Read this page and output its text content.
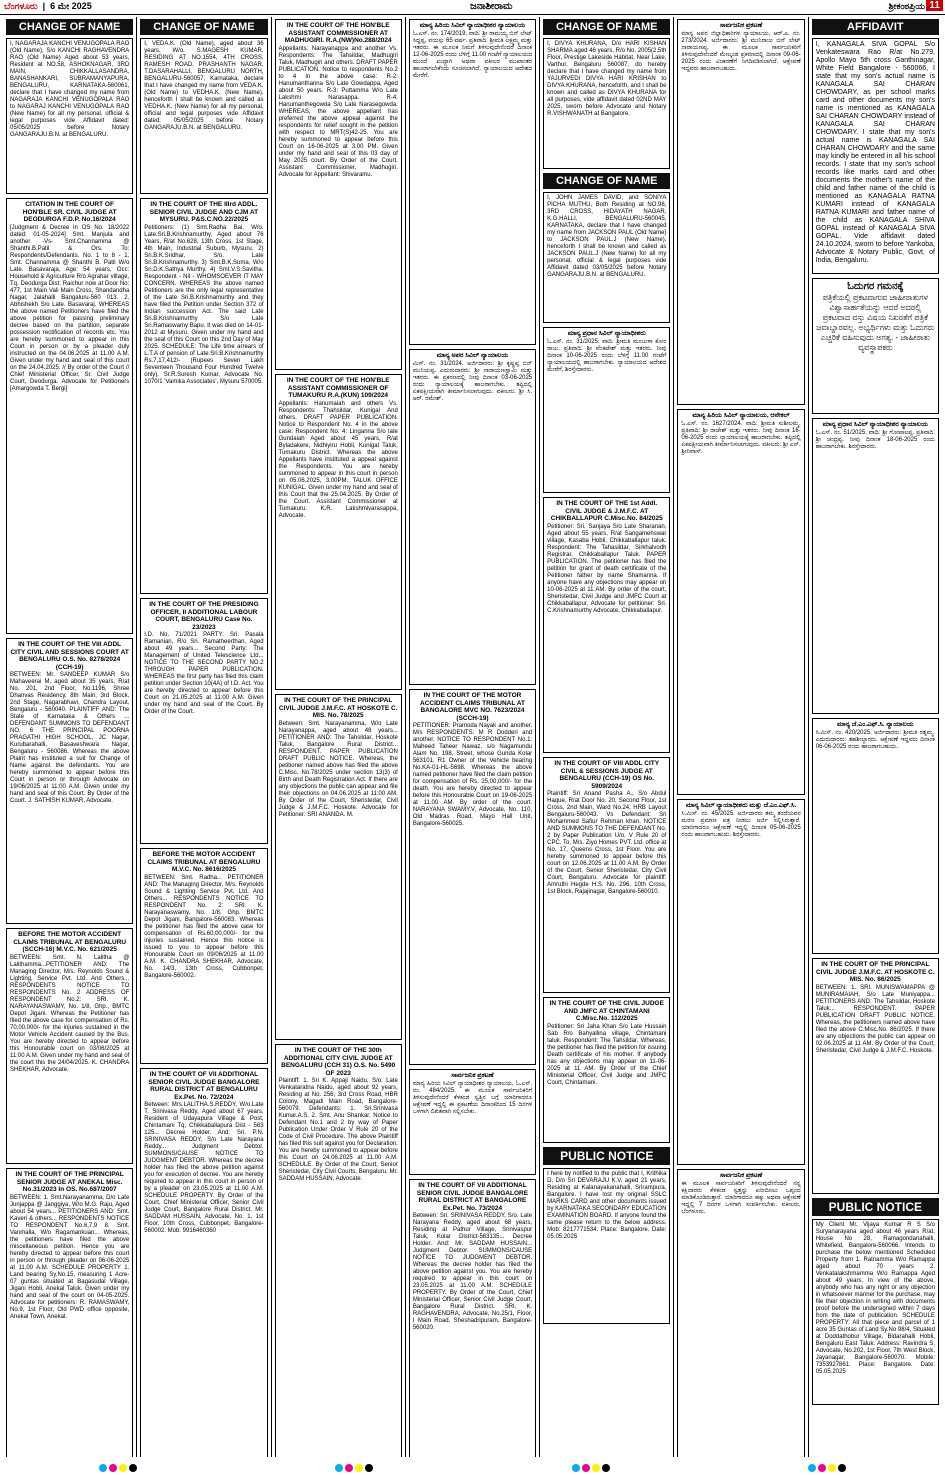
ಬೆಂಗಳೂರು  |  6 ಮೇ 2025	ಜನಾಶೀರಾಮ	ಶ್ರೀಕಂಠಪ್ರಿಯ 11
CHANGE OF NAME

I, NAGARAJA KANCHI VENUGOPALA RAO (Old Name), S/o KANCHI RAGHAVENDRA RAO (Old Name) Aged about 53 years, Resident at NO.58, ASHOKNAGAR, 3RD MAIN, CHIKKALLASANDRA, BANASHANKARI, SUBRAMANYAPURA, BENGALURU, KARNATAKA-560061, declare that I have changed my name from NAGARAJA KANCHI VENUGOPALA RAO to NAGARAJ KANCHI VENUGOPALA RAO (New Name) for all my personal, official & legal purposes vide Affidavit dated: 05/05/2025 before Notary GANGARAJU.B.N. at BENGALURU.

CITATION IN THE COURT OF HON'BLE SR. CIVIL JUDGE AT DEODURGA F.D.P. No.16/2024

[Judgment & Decree in OS No. 18/2022 dated: 01-05-2024] Smt. Manjula and another -Vs- Smt.Channamma @ Shanthi.B.Patil & Ors. To: Respondents/Defendants. No. 1 to 8 - 1. Smt. Channamma @ Shanthi B. Patil W/o Late. Basavaraja, Age: 54 years, Occ: Household & Agriculture R/o Agrahar village, Tq. Deodurga Dist: Raichur now at Door No: 477, 1st Main Vali Main Cross, Shandandha Nagar, Jalahalli Bangaluru-560 013. 2. Abhishekh S/o Late. Basavaraj. WHEREAS the above named Petitioners have filed the above petition for passing preliminary decree based on the partition, separate possession rectification of records etc. You are hereby summoned to appear in this Court in person or by a pleader duly instructed on the 04.06.2025 at 11.00 A.M. Given under my hand and seal of this court on the 24.04.2025. // By order of the Court // Chief Ministerial Officer, Sr. Civil Judge Court, Deodurga. Advocate for Petitioners [Amargowda T. Bergi]

IN THE COURT OF THE VIII ADDL CITY CIVIL AND SESSIONS COURT AT BENGALURU O.S. No. 8278/2024 (CCH-19)

BETWEEN: Mr. SANDEEP KUMAR S/o Mahaveerai M, aged about 35 years, R/at No. 201, 2nd Floor, No.1196, Shree Dhanvas Residency, 8th Main, 3rd Block, 2nd Stage, Nagarabhavi, Chandra Layout, Bengaluru - 560040. PLAINTIFF AND: The State of Karnataka & Others ... DEFENDANT SUMMONS TO DEFENDANT NO. 6 THE PRINCIPAL POORNA PRAGATHI HIGH SCHOOL, JC Nagar, Kurubarahalli, Basaveshwara Nagar, Bengaluru - 560086. Whereas the above Plaint has instituted a suit for Change of Name against the defendants. You are hereby summoned to appear before this Court in person or through Advocate on 19/06/2025 at 11:00 A.M. Given under my hand and seal of this Court. By Order of the Court. J. SATHISH KUMAR, Advocate.

BEFORE THE MOTOR ACCIDENT CLAIMS TRIBUNAL AT BENGALURU (SCCH-16) M.V.C. No. 621/2025

BETWEEN: Smt. N. Lalitha @ Lalithamma...PETITIONER AND: The Managing Director, M/s. Reynolds Sound & Lighting, Service Pvt. Ltd. And Others... RESPONDENTS NOTICE TO RESPONDENTS No. 2 ADDRESS OF RESPONDENT No.2: SRI. K. NARAYANASWAMY, No. 1/8, Ghp., BMTC Depot Jigani. Whereas the Petitioner has filed the above case for compensation of Rs. 70,00,000/- for the injuries sustained in the Motor Vehicle Accident caused by the Bus. You are hereby directed to appear before this Honourable court on 03/06/2025 at 11:00 A.M. Given under my hand and seal of the court this the 24/04/2025. K. CHANDRA SHEKHAR, Advocate.

IN THE COURT OF THE PRINCIPAL SENIOR JUDGE AT ANEKAL Misc. No.31/2023 In OS. No.687/2007

BETWEEN: 1. Smt.Narayanamma, D/o Late Junjappa @ Janggiya, W/o M.G. Raju, Aged about 54 years... PETITIONERS AND: Smt. Kaveri & others... RESPONDENTS NOTICE TO RESPONDENT No.6,7,9 8. Smt. Vanmalla, W/o Ragamankuan... Whereas, the petitioners have filed the above miscellaneous petition. Hence you are hereby directed to appear before this court in person or through pleader on 06-06-2025 at 11.00 A.M. SCHEDULE PROPERTY 1. Land bearing Sy.No.15, measuring 1 Acre-07 guntas situated at Bagasudal Village, Jigani Hobli, Anekal Taluk. Given under my hand and seal of the court on 04-05-2025. Advocate for petitioners: R. RAMASWAMY, No.9, 1st Floor, Old PWD office opposite, Anekal Town, Anekal.

CHANGE OF NAME

I, VEDA.K. (Old Name), aged about 36 years, W/o. S.MAGESH KUMAR, RESIDING AT NO.1554, 4TH CROSS, RAMESH ROAD, PRASHANTH NAGAR, T.DASARAHALLI, BENGALURU NORTH, BENGALURU-560057, Karnataka, declare that I have changed my name from VEDA.K. (Old Name) to VEDHA.K. (New Name), henceforth I shall be known and called as VEDHA.K. (New Name) for all my personal, official and legal purposes vide Affidavit dated: 05/05/2025 before Notary GANGARAJU.B.N. at BENGALURU.

IN THE COURT OF THE IIIrd ADDL. SENIOR CIVIL JUDGE AND CJM AT MYSURU. P&S.C.NO.22/2025

Petitioners: (1) Smt.Radha Bai, W/o. Late.Sri.B.Krishnamurthy, Aged about 76 Years, R/at No.628, 13th Cross, 1st Stage, 4th Main, Industrial Suburb, Mysuru. 2) Sri.B.K.Sridhar, S/o. Late Sri.B.Krishnamurthy. 3) Smt.B.K.Suma, W/o Sri.D.K.Sathya Murthy. 4) Smt.V.S.Savitha. Respondent - Nil - WHOMSOEVER IT MAY CONCERN. WHEREAS the above named Petitioners are the only legal representative of the Late Sri.B.Krishnamurthy and they have filed the Petition under Section 372 of Indian succession Act. The said Late Sri.B.Krishnamurthy S/o Late Sri.Ramaswamy Bapu. It was died on 14-01-2012 at Mysuru. Given under my hand and the seal of this Court on this 2nd Day of May 2025. SCHEDULE: The Life time arrears of L.T.A of pension of Late.Sri.B.Krishnamurthy Rs.7,17,412/- (Rupees Seven Lakh Seventeen Thousand Four Hundred Twelve only). Sr.R.Suresh Kumar, Advocate No. 1070/1 'Vamika Associates', Mysuru 570005.

IN THE COURT OF THE PRESIDING OFFICER, II ADDITIONAL LABOUR COURT, BENGALURU Case No. 23/2023

I.D. No. 71/2021 PARTY: Sri. Pasala Ramanian, R/o Sri. Ramatheerthan, Aged about 49 years... Second Party: The Management of United Telescience Ltd... NOTICE TO THE SECOND PARTY NO.2 THROUGH PAPER PUBLICATION. WHEREAS the first party has filed this claim petition under Section 10(4A) of I.D. Act. You are hereby directed to appear before this Court on 21.05.2025 at 11:00 A.M. Given under my hand and seal of the Court. By Order of the Court.

BEFORE THE MOTOR ACCIDENT CLAIMS TRIBUNAL AT BENGALURU M.V.C. No. 8616/2025

BETWEEN: Smt. Radha... PETITIONER AND: The Managing Director, M/s. Reynolds Sound & Lighting Service Pvt. Ltd. And Others... RESPONDENTS NOTICE TO RESPONDENT No. 2: SRI. K. Narayanaswamy, No. 1/8, Ghp. BMTC Depot Jigani, Bangalore-560083. Whereas the petitioner has filed the above case for compensation of Rs.60,00,000/- for the injuries sustained. Hence this notice is issued to you to appear before this Honourable Court on 09/06/2025 at 11.00 A.M. K. CHANDRA SHEKHAR, Advocate, No. 14/3, 13th Cross, Cubbonpet, Bangalore-560002.

IN THE COURT OF VII ADDITIONAL SENIOR CIVIL JUDGE BANGALORE RURAL DISTRICT AT BENGALURU Ex.Pet. No. 72/2024

Between: Mrs.LALITHA.S.REDDY, W/o.Late T. Srinivasa Reddy, Aged about 67 years, Resident of Udayapura Village & Post, Chintamani Tq, Chikkaballapura Dist - 563 125... Decree Holder. And: Sri. P.N. SRINIVASA REDDY, S/o Late Narayana Reddy... Judgment Debtor. SUMMONS/CAUSE NOTICE TO JUDGMENT DEBTOR. Whereas the decree holder has filed the above petition against you for execution of decree. You are hereby required to appear in this court in person or by a pleader on 23.05.2025 at 11.00 A.M. SCHEDULE PROPERTY. By Order of the Court, Chief Ministerial Officer, Senior Civil Judge Court, Bangalore Rural District. Mr. SADDAM HUSSAIN, Advocate, No. 1, 1st Floor, 10th Cross, Cubbonpet, Bangalore-560002. Mob: 9916460360

IN THE COURT OF THE HON'BLE ASSISTANT COMMISSIONER AT MADHUGIRI. R.A.(NW)No.288/2024

Appellants: Narayanappa and another Vs. Respondents: The Tahsildar, Madhugiri Taluk, Madhugiri and others. DRAFT PAPER PUBLICATION. Notice to respondents No.2 to 4 in the above case: R-2: Hanumanthanna S/o Late Gowdappa, Aged about 50 years. R-3: Puttamma W/o Late Lakshmi Narasappa. R-4: Hanumanthegowda S/o Late Narasegowda. WHEREAS, the above appellant has preferred the above appeal against the respondents for relief sought in the petition with respect to MRT(S)42-25. You are hereby summoned to appear before this Court on 16-06-2025 at 3.00 PM. Given under my hand and seal of this 03 day of May 2025 court. By Order of the Court. Assistant Commissioner, Madhugiri. Advocate for Appellant: Shivaramu.

IN THE COURT OF THE HON'BLE ASSISTANT COMMISSIONER OF TUMAKURU R.A.(KUN) 109/2024

Appellants: Hanumaiah and others Vs. Respondents: Thahsildar, Kunigal And others. DRAFT PAPER PUBLICATION. Notice to Respondent No. 4 in the above case: Respondent No. 4: Linganna S/o late Gundaiah Aged about 45 years, R/at Byladakere, Nidhiyiru Hobli, Kunigal Taluk, Tumakuru District. Whereas the above Appellants have instituted a appeal against the Respondents. You are hereby summoned to appear in this court in person on 05.06.2025, 3.00PM. TALUK OFFICE KUNIGAL. Given under my hand and seal of this Court that the 25.04.2025. By Order of the Court. Assistant Commissioner at Tumakuru. K.R. Lakshmivarasappa, Advocate.

IN THE COURT OF THE PRINCIPAL CIVIL JUDGE J.M.F.C. AT HOSKOTE C. MIS. No. 78/2025

Between: Smt. Narayanamma, W/o Late Narayanappa, aged about 48 years... PETITIONER AND: The Tahsildar, Hoskote Taluk, Bangalore Rural District... RESPONDENT. PAPER PUBLICATION DRAFT PUBLIC NOTICE. Whereas, the petitioner named above has filed the above C.Misc. No.78/2025 under section 13(3) of Birth and Death Registration Act. If there are any objections the public can appear and file their objections on 04.06.2025 at 11:00 AM. By Order of the Court, Sheristedar, Civil Judge & J.M.F.C. Hoskote. Advocate for Petitioner: SRI ANANDA. M.

IN THE COURT OF THE 30th ADDITIONAL CITY CIVIL JUDGE AT BENGALURU (CCH 31) O.S. No. 5490 OF 2023

Plaintiff: 1. Sri K. Appaji Naidu, S/o. Late Venkataratna Naidu, aged about 92 years, Residing at No. 256, 3rd Cross Road, HBR Colony, Magadi Main Road, Bangalore-560079. Defendants: 1. Sri.Srinivasa Kumar.A.S. 2. Smt. Anu Shankar. Notice to Defendant No.1 and 2 by way of Paper Publication Under Order V Rule 20 of the Code of Civil Procedure. The above Plaintiff has filed this suit against you for Declaration. You are hereby summoned to appear before this Court on 24.06.2025 at 11.00 A.M. SCHEDULE. By Order of the Court, Senior Sheristedar, City Civil Courts, Bengaluru. Mr. SADDAM HUSSAIN, Advocate.

ಮಾನ್ಯ ಹಿರಿಯ ಸಿವಿಲ್ ನ್ಯಾಯಾಧೀಶರ ನ್ಯಾಯಾಲಯ

ಓ.ಎಸ್. ನಂ. 174/2019. ವಾದಿ: ಶ್ರೀ ರಾಮಯ್ಯ ಬಿನ್ ಲೇಟ್ ಸಿದ್ದಪ್ಪ, ವಯಸ್ಸು 65 ವರ್ಷ. ಪ್ರತಿವಾದಿ: ಶ್ರೀಮತಿ ಲಕ್ಷ್ಮಮ್ಮ ಮತ್ತು ಇತರರು. ಈ ಮೂಲಕ ನಿಮಗೆ ತಿಳಿಸುವುದೇನೆಂದರೆ ದಿನಾಂಕ 12-06-2025 ರಂದು ಬೆಳಿಗ್ಗೆ 11.00 ಗಂಟೆಗೆ ನ್ಯಾಯಾಲಯದ ಮುಂದೆ ಖುದ್ದಾಗಿ ಅಥವಾ ವಕೀಲರ ಮುಖಾಂತರ ಹಾಜರಾಗಬೇಕೆಂದು ಸೂಚಿಸಲಾಗಿದೆ. ನ್ಯಾಯಾಲಯದ ಆದೇಶದ ಮೇರೆಗೆ.

ಮಾನ್ಯ ಅಪರ ಸಿವಿಲ್ ನ್ಯಾಯಾಲಯ

ಮಿಸ್. ನಂ. 31/2024. ಅರ್ಜಿದಾರರು: ಶ್ರೀ ಕೃಷ್ಣಪ್ಪ ಬಿನ್ ಮುನಿಯಪ್ಪ. ಎದುರುದಾರರು: ಶ್ರೀ ನಾರಾಯಣಸ್ವಾಮಿ ಮತ್ತು ಇತರರು. ಈ ಪ್ರಕರಣದಲ್ಲಿ ನೀವು ದಿನಾಂಕ 03-06-2025 ರಂದು ನ್ಯಾಯಾಲಯಕ್ಕೆ ಹಾಜರಾಗಬೇಕು. ತಪ್ಪಿದಲ್ಲಿ ಏಕಪಕ್ಷೀಯವಾಗಿ ತೀರ್ಮಾನಿಸಲಾಗುವುದು. ವಕೀಲರು: ಶ್ರೀ ಸಿ. ಆರ್. ರಮೇಶ್.

IN THE COURT OF THE MOTOR ACCIDENT CLAIMS TRIBUNAL AT BANGALORE MVC NO. 7623/2024 (SCCH-19)

PETITIONER: Pramoda Nayak and another. M/s RESPONDENTS: M R Dodderi and another. NOTICE TO RESPONDENT No.1: Maheed Taheer Nawaz, s/o Nagamundu Alam No. 198, Street, whose Gunda Kolar 563101. R1 Owner of the Vehicle bearing No.KA-01-HL-5698. Whereas the above named petitioner have filed the claim petition for compensation of Rs. 25,00,000/- for the death. You are hereby directed to appear before this Honourable Court on 19-06-2025 at 11.00 AM. By order of the court. NARAYANA SWAMY.V, Advocate, No. 110, Old Madras Road, Mayo Hall Unit, Bangalore-560025.

ಸಾರ್ವಜನಿಕ ಪ್ರಕಟಣೆ

ಮಾನ್ಯ ಹಿರಿಯ ಸಿವಿಲ್ ನ್ಯಾಯಾಧೀಶರ ನ್ಯಾಯಾಲಯ, ಓ.ಎಸ್. ನಂ. 484/2025. ಈ ಮೂಲಕ ಸಾರ್ವಜನಿಕರಿಗೆ ತಿಳಿಸುವುದೇನೆಂದರೆ ಕೆಳಕಂಡ ಸ್ವತ್ತಿನ ಬಗ್ಗೆ ಯಾರಿಗಾದರೂ ಆಕ್ಷೇಪಣೆ ಇದ್ದಲ್ಲಿ ಈ ಪ್ರಕಟಣೆಯ ದಿನಾಂಕದಿಂದ 15 ದಿನಗಳ ಒಳಗಾಗಿ ಲಿಖಿತವಾಗಿ ಸಲ್ಲಿಸಬೇಕು.

IN THE COURT OF VII ADDITIONAL SENIOR CIVIL JUDGE BANGALORE RURAL DISTRICT AT BANGALORE Ex.Pet. No. 73/2024

Between: Sri. SRINIVASA REDDY, S/o. Late Narayana Reddy, aged about 68 years, Residing at Pathur Village, Srinivaspur Taluk, Kolar District-563135... Decree Holder. And: Mr. SADDAM HUSSAIN... Judgment Debtor. SUMMONS/CAUSE NOTICE TO JUDGMENT DEBTOR. Whereas the decree holder has filed the above petition against you. You are hereby required to appear in this court on 23.05.2025 at 11.00 A.M. SCHEDULE PROPERTY. By Order of the Court, Chief Ministerial Officer, Senior Civil Judge Court, Bangalore Rural District. SRI. K. RAGHAVENDRA, Advocate, No.25/1, Floor, I Main Road, Sheshadripuram, Bangalore-560020.

CHANGE OF NAME

I, DIVYA KHURANA, D/o HARI KISHAN SHARMA aged 46 years, R/o No. 2005(2,5th Floor, Prestige Lakeside Habitat, Near Lake, Varthur, Bengaluru 560087, do hereby declare that I have changed my name from YAJURVEDI DIVYA HARI KRISHAN to DIVYA KHURANA, henceforth, and I shall be known and called as DIVYA KHURANA for all purposes, vide affidavit dated 02ND MAY 2025, sworn before Advocate and Notary R.VISHWANATH at Bangalore.

CHANGE OF NAME

I, JOHN JAMES DAVID, and SONIYA PICHA MUTHU, Both Residing at NO.98, 3RD CROSS, HIDAYATH NAGAR, K.G.HALLI, BENGALURU-560045, KARNATAKA, declare that I have changed my name from JACKSON PAUL (Old Name) to JACKSON PAUL.J (New Name), henceforth I shall be known and called as JACKSON PAUL.J (New Name) for all my personal, official & legal purposes vide Affidavit dated 03/05/2025 before Notary GANGARAJU.B.N. at BENGALURU.

ಮಾನ್ಯ ಪ್ರಧಾನ ಸಿವಿಲ್ ನ್ಯಾಯಾಧೀಶರು

ಓ.ಎಸ್. ನಂ. 31/2025. ವಾದಿ: ಶ್ರೀಮತಿ ಮಂಜುಳಾ ಕೋಂ ರಾಜು. ಪ್ರತಿವಾದಿ: ಶ್ರೀ ವೆಂಕಟೇಶ್ ಮತ್ತು ಇತರರು. ನೀವು ದಿನಾಂಕ 10-06-2025 ರಂದು ಬೆಳಿಗ್ಗೆ 11.00 ಗಂಟೆಗೆ ನ್ಯಾಯಾಲಯದಲ್ಲಿ ಹಾಜರಾಗಬೇಕು. ನ್ಯಾಯಾಲಯದ ಆದೇಶದ ಮೇರೆಗೆ, ಶಿರಸ್ತೇದಾರರು.

IN THE COURT OF THE 1st Addl. CIVIL JUDGE & J.M.F.C. AT CHIKBALLAPUR C.Misc.No. 84/2025

Petitioner: Sri. Sanjaya S/o Late Sharanan, Aged about 55 years, R/at Sangamehswar village, Kasaba Hobli, Chikkaballapur taluk. Respondent: The Tahasildar, Sirkhalvodh Registrar, Chikkaballapur Taluk. PAPER PUBLICATION. The petitioner has filed the petition for grant of death certificate of the Petitioner father by name Shamanna. If anyone have any objections may appear on 10-06-2025 at 11 AM. By order of the court, Sheristedar, Civil Judge and JMFC Court at Chikkaballapur. Advocate for petitioner: Sri. C.Krishnamurthy Advocate, Chikkaballapur.

IN THE COURT OF VIII ADDL CITY CIVIL & SESSIONS JUDGE AT BENGALURU (CCH-19) OS No. 5909/2024

Plaintiff: Sri Anand Pasha A., S/o Abdul Haque, R/at Door No. 20, Second Floor, 1st Cross, 2nd Main, Ward No.24, HRB Layout Bengaluru-560043. Vs Defendant: Sri Mohammed Safiur Rehman khan. NOTICE AND SUMMONS TO THE DEFENDANT No. 2 by Paper Publication U/o. V Rule 20 of CPC. To, M/s. Ziyo Homes PVT. Ltd. office at No. 17, Queens Cross, 1st Floor. You are hereby summoned to appear before this court on 12.06.2025 at 11.00 A.M. By Order of the Court, Senior Sheristedar, City Civil Court, Bengaluru. Advocate for plaintiff: Amruthi Hegde H.S. No. 296, 10th Cross, 1st Block, Rajajinagar, Bangalore-560010.

IN THE COURT OF THE CIVIL JUDGE AND JMFC AT CHINTAMANI C.Misc.No. 112/2025

Petitioner: Sri Jaha Khan S/o Late Hussain Sab R/o Bahyallina village, Chintamani taluk. Respondent: The Tahsildar. Whereas, the petitioner has filed the petition for issuing Death certificate of his mother. If anybody has any objections may appear on 11-06-2025 at 11 AM. By Order of the Chief Ministerial Officer, Civil Judge and JMFC Court, Chintamani.

PUBLIC NOTICE

I here by notified to the public that I, Krithika D, D/o Sri DEVARAJU K.V. aged 21 years, Residing at Kalanayakanahalli, Srirampura, Bangalore. I have lost my original SSLC MARKS CARD and other documents issued by KARNATAKA SECONDARY EDUCATION EXAMINATION BOARD. If anyone found the same please return to the below address. Mob: 8217771534. Place: Bangalore. Date: 05.05.2025

ಸಾರ್ವಜನಿಕ ಪ್ರಕಟಣೆ

ಮಾನ್ಯ ಅಪರ ಜಿಲ್ಲಾಧಿಕಾರಿಗಳ ನ್ಯಾಯಾಲಯ, ಆರ್.ಎ. ನಂ. 273/2024. ಅರ್ಜಿದಾರರು: ಶ್ರೀ ಮುನಿರಾಜು ಬಿನ್ ಲೇಟ್ ನಾರಾಯಣಪ್ಪ. ಈ ಮೂಲಕ ಸಾರ್ವಜನಿಕರಿಗೆ ತಿಳಿಸುವುದೇನೆಂದರೆ ಮೇಲ್ಕಂಡ ಪ್ರಕರಣದಲ್ಲಿ ದಿನಾಂಕ 09-06-2025 ರಂದು ವಿಚಾರಣೆಗೆ ನಿಗದಿಪಡಿಸಲಾಗಿದೆ. ಆಕ್ಷೇಪಣೆ ಇದ್ದವರು ಹಾಜರಾಗಬಹುದು.

ಮಾನ್ಯ ಹಿರಿಯ ಸಿವಿಲ್ ನ್ಯಾಯಾಲಯ, ಆನೇಕಲ್

ಓ.ಎಸ್. ನಂ. 1627/2024. ವಾದಿ: ಶ್ರೀಮತಿ ಸುಶೀಲಮ್ಮ. ಪ್ರತಿವಾದಿ: ಶ್ರೀ ರಾಜೇಶ್ ಮತ್ತು ಇತರರು. ನೀವು ದಿನಾಂಕ 16-06-2025 ರಂದು ನ್ಯಾಯಾಲಯಕ್ಕೆ ಹಾಜರಾಗಬೇಕು. ತಪ್ಪಿದಲ್ಲಿ ಏಕಪಕ್ಷೀಯವಾಗಿ ತೀರ್ಮಾನಿಸಲಾಗುವುದು. ವಕೀಲರು: ಶ್ರೀ ಎನ್. ಶ್ರೀನಿವಾಸ್.

ಮಾನ್ಯ ಸಿವಿಲ್ ನ್ಯಾಯಾಧೀಶರು ಮತ್ತು ಜೆ.ಎಂ.ಎಫ್.ಸಿ.

ಸಿ.ಮಿಸ್. ನಂ. 45/2025. ಅರ್ಜಿದಾರರು ತಮ್ಮ ತಂದೆಯವರ ಮರಣ ಪ್ರಮಾಣ ಪತ್ರ ನೀಡಲು ಅರ್ಜಿ ಸಲ್ಲಿಸಿರುತ್ತಾರೆ. ಯಾರಿಗಾದರೂ ಆಕ್ಷೇಪಣೆ ಇದ್ದಲ್ಲಿ ದಿನಾಂಕ 05-06-2025 ರಂದು ಹಾಜರಾಗಬಹುದು. ಶಿರಸ್ತೇದಾರರು.

ಸಾರ್ವಜನಿಕ ಪ್ರಕಟಣೆ

ಈ ಮೂಲಕ ಸಾರ್ವಜನಿಕರಿಗೆ ತಿಳಿಸುವುದೇನೆಂದರೆ ನನ್ನ ಕಕ್ಷಿದಾರರು ಕೆಳಕಂಡ ಸ್ವತ್ತನ್ನು ಖರೀದಿಸಲು ಒಪ್ಪಂದ ಮಾಡಿಕೊಂಡಿರುತ್ತಾರೆ. ಯಾರಿಗಾದರೂ ಹಕ್ಕು ಅಥವಾ ಆಕ್ಷೇಪಣೆ ಇದ್ದಲ್ಲಿ 7 ದಿನಗಳ ಒಳಗಾಗಿ ಸಂಪರ್ಕಿಸಬೇಕು. ವಕೀಲರು, ಬೆಂಗಳೂರು.

AFFIDAVIT

I, KANAGALA SIVA GOPAL S/o Venkateswara Rao R/at No.279, Apollo Mayo 5th cross Ganthinagar, White Field Bangalore - 560066, I state that my son's actual name is KANAGALA SAI CHARAN CHOWDARY, as per school marks card and other documents my son's name is mentioned as KANAGALA SAI CHARAN CHOWDARY instead of KANAGALA SAI CHARAN CHOWDARY. I state that my son's actual name is KANAGALA SAI CHARAN CHOWDARY and the same may kindly be entered in all his school records. I state that my son's school records like marks card and other documents the mother's name of the child and father name of the child is mentioned as KANAGALA RATNA KUMARI instead of KANAGALA RATNA KUMARI and father name of the child as KANAGALA SHIVA GOPAL instead of KANAGALA SIVA GOPAL. Vide affidavit dated 24.10.2024, sworn to before Yankoba, Advocate & Notary Public, Govt. of India, Bengaluru.

ಓದುಗರ ಗಮನಕ್ಕೆ
ಪತ್ರಿಕೆಯಲ್ಲಿ ಪ್ರಕಟವಾಗುವ ಜಾಹೀರಾತುಗಳ ವಿಶ್ವಾಸಾರ್ಹತೆಯನ್ನು ಆದರೆ ಅದರಲ್ಲಿ ಪ್ರಕಟವಾದ ವಸ್ತು ವಿಷಯ ನಿಖರತೆಗೆ ಪತ್ರಿಕೆ ಜವಾಬ್ದಾರವಲ್ಲ. ಅಭ್ಯರ್ಥಿಗಳು ಮತ್ತು ಓದುಗರು ಎಚ್ಚರಿಕೆ ವಹಿಸುವುದು ಅಗತ್ಯ. - ಜಾಹೀರಾತು ವ್ಯವಸ್ಥಾಪಕರು
ಮಾನ್ಯ ಪ್ರಧಾನ ಸಿವಿಲ್ ನ್ಯಾಯಾಧೀಶರ ನ್ಯಾಯಾಲಯ

ಓ.ಎಸ್. ನಂ. 51/2025. ವಾದಿ: ಶ್ರೀ ಗೋಪಾಲಪ್ಪ. ಪ್ರತಿವಾದಿ: ಶ್ರೀ ಚಂದ್ರಪ್ಪ. ನೀವು ದಿನಾಂಕ 18-06-2025 ರಂದು ಹಾಜರಾಗಬೇಕು. ಶಿರಸ್ತೇದಾರರು.

ಮಾನ್ಯ ಜೆ.ಎಂ.ಎಫ್.ಸಿ. ನ್ಯಾಯಾಲಯ

ಸಿ.ಮಿಸ್. ನಂ. 420/2025. ಅರ್ಜಿದಾರರು: ಶ್ರೀಮತಿ ರತ್ನಮ್ಮ. ಎದುರುದಾರರು: ತಹಶೀಲ್ದಾರರು. ಆಕ್ಷೇಪಣೆ ಇದ್ದವರು ದಿನಾಂಕ 06-06-2025 ರಂದು ಹಾಜರಾಗಬಹುದು.

IN THE COURT OF THE PRINCIPAL CIVIL JUDGE J.M.F.C. AT HOSKOTE C. MIS. No. 86/2025

BETWEEN: 1. SRI. MUNISWAMAPPA @ MUNIRAMAIAH, S/o Late Muniyappa... PETITIONERS AND: The Tahsildar, Hoskote Taluk... RESPONDENT. PAPER PUBLICATION DRAFT PUBLIC NOTICE. Whereas, the petitioners named above have filed the above C.Misc.No. 86/2025. If there are any objections the public can appear on 02.06.2025 at 11 AM. By Order of the Court, Sheristedar, Civil Judge & J.M.F.C. Hoskote.

PUBLIC NOTICE

My Client Mr. Vijaya Kumar R S S/o Suryanarayana aged about 46 years R/at, House No 28, Ramagondanahalli, Whitefield, Bangalore-560066. Intends to purchase the below mentioned Scheduled Property from 1. Ratnamma W/o Ramappa aged about 70 years 2. Venkatalakshmamma W/o Ramappa Aged about 49 years. In view of the above, anybody who has any right or any objection in whatsoever manner for the purchase, may file their objection in writing with documents proof before the undersigned within 7 days from the date of publication. SCHEDULE PROPERTY: All that piece and parcel of 1 acre 35 Guntas of Land Sy.No 98/4, Situated at Doddathobur Village, Bidarahalli Hobli, Bengaluru East Taluk. Address: Ravindra S, Advocate, No.202, 1st Floor, 7th West Block, Jayanagar, Bangalore-560070. Mobile: 7353927861. Place: Bangalore. Date: 05.05.2025
